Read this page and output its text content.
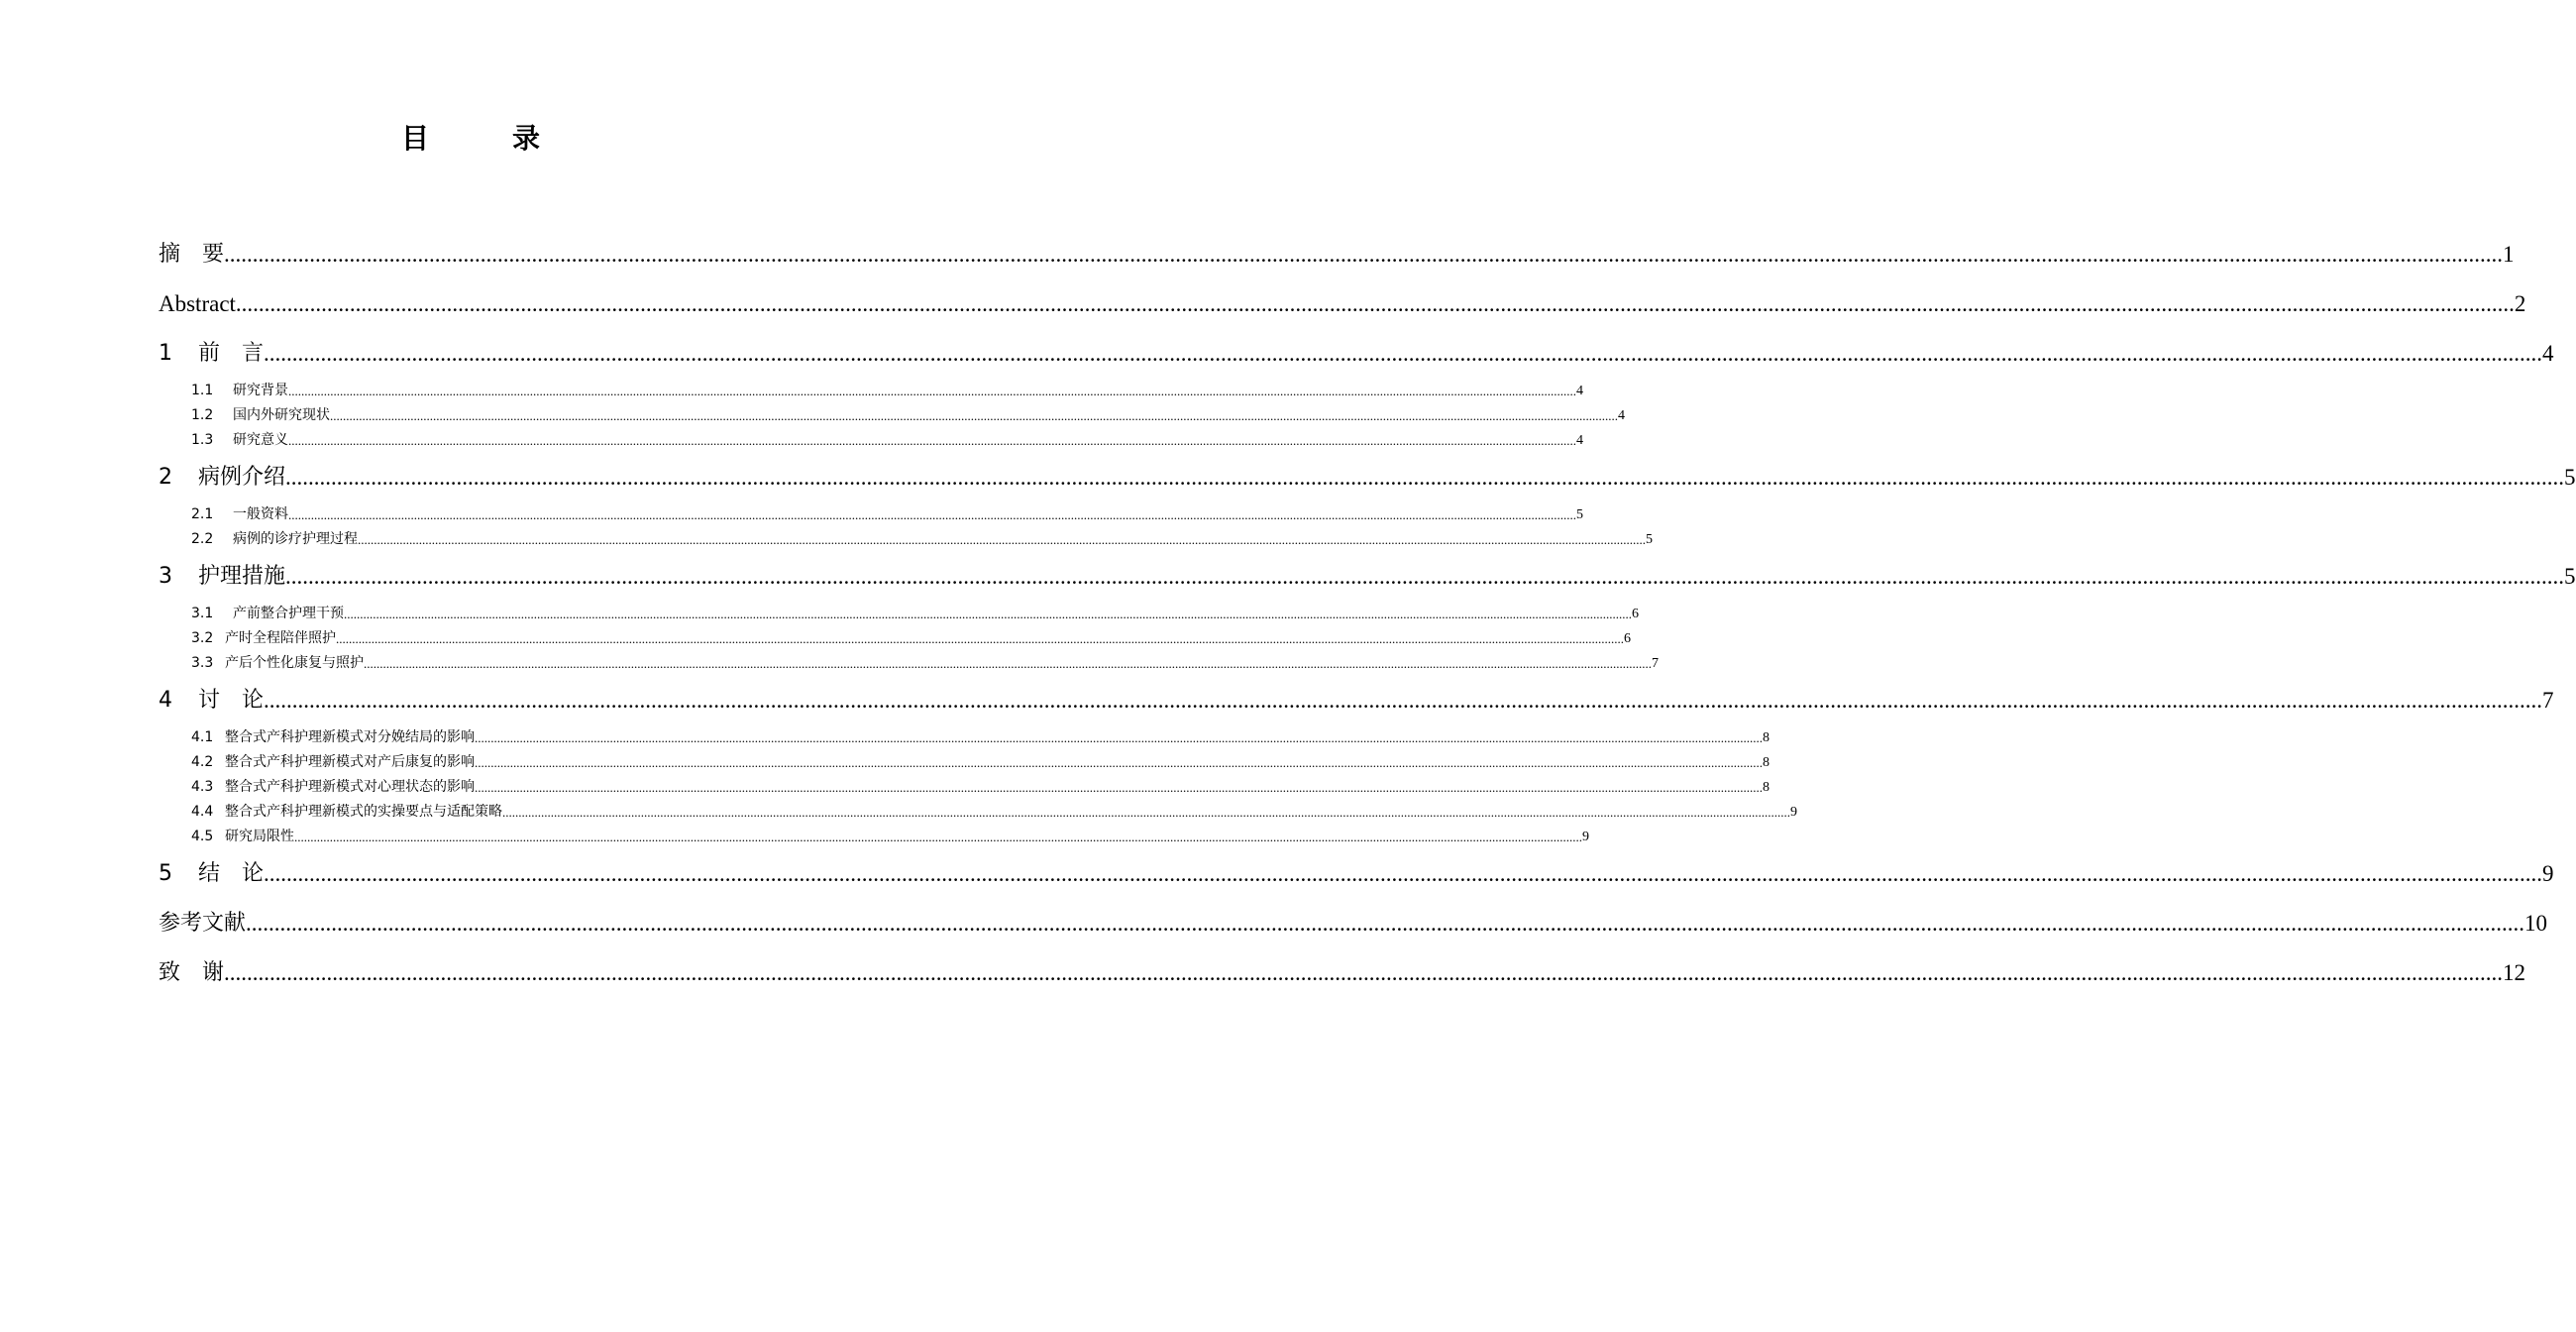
目　录
摘　要 ................................................................................................................................................................................................................................................................................................................................................................................................................ 1
Abstract ................................................................................................................................................................................................................................................................................................................................................................................................................ 2
1 前　言 ................................................................................................................................................................................................................................................................................................................................................................................................................ 4
1.1 研究背景 ................................................................................................................................................................................................................................................................................................................................................................................................................ 4
1.2 国内外研究现状 ................................................................................................................................................................................................................................................................................................................................................................................................................ 4
1.3 研究意义 ................................................................................................................................................................................................................................................................................................................................................................................................................ 4
2 病例介绍 ................................................................................................................................................................................................................................................................................................................................................................................................................ 5
2.1 一般资料 ................................................................................................................................................................................................................................................................................................................................................................................................................ 5
2.2 病例的诊疗护理过程 ................................................................................................................................................................................................................................................................................................................................................................................................................ 5
3 护理措施 ................................................................................................................................................................................................................................................................................................................................................................................................................ 5
3.1 产前整合护理干预 ................................................................................................................................................................................................................................................................................................................................................................................................................ 6
3.2 产时全程陪伴照护 ................................................................................................................................................................................................................................................................................................................................................................................................................ 6
3.3 产后个性化康复与照护 ................................................................................................................................................................................................................................................................................................................................................................................................................ 7
4 讨　论 ................................................................................................................................................................................................................................................................................................................................................................................................................ 7
4.1 整合式产科护理新模式对分娩结局的影响 ................................................................................................................................................................................................................................................................................................................................................................................................................ 8
4.2 整合式产科护理新模式对产后康复的影响 ................................................................................................................................................................................................................................................................................................................................................................................................................ 8
4.3 整合式产科护理新模式对心理状态的影响 ................................................................................................................................................................................................................................................................................................................................................................................................................ 8
4.4 整合式产科护理新模式的实操要点与适配策略 ................................................................................................................................................................................................................................................................................................................................................................................................................ 9
4.5 研究局限性 ................................................................................................................................................................................................................................................................................................................................................................................................................ 9
5 结　论 ................................................................................................................................................................................................................................................................................................................................................................................................................ 9
参考文献 ................................................................................................................................................................................................................................................................................................................................................................................................................ 10
致　谢 ................................................................................................................................................................................................................................................................................................................................................................................................................ 12
